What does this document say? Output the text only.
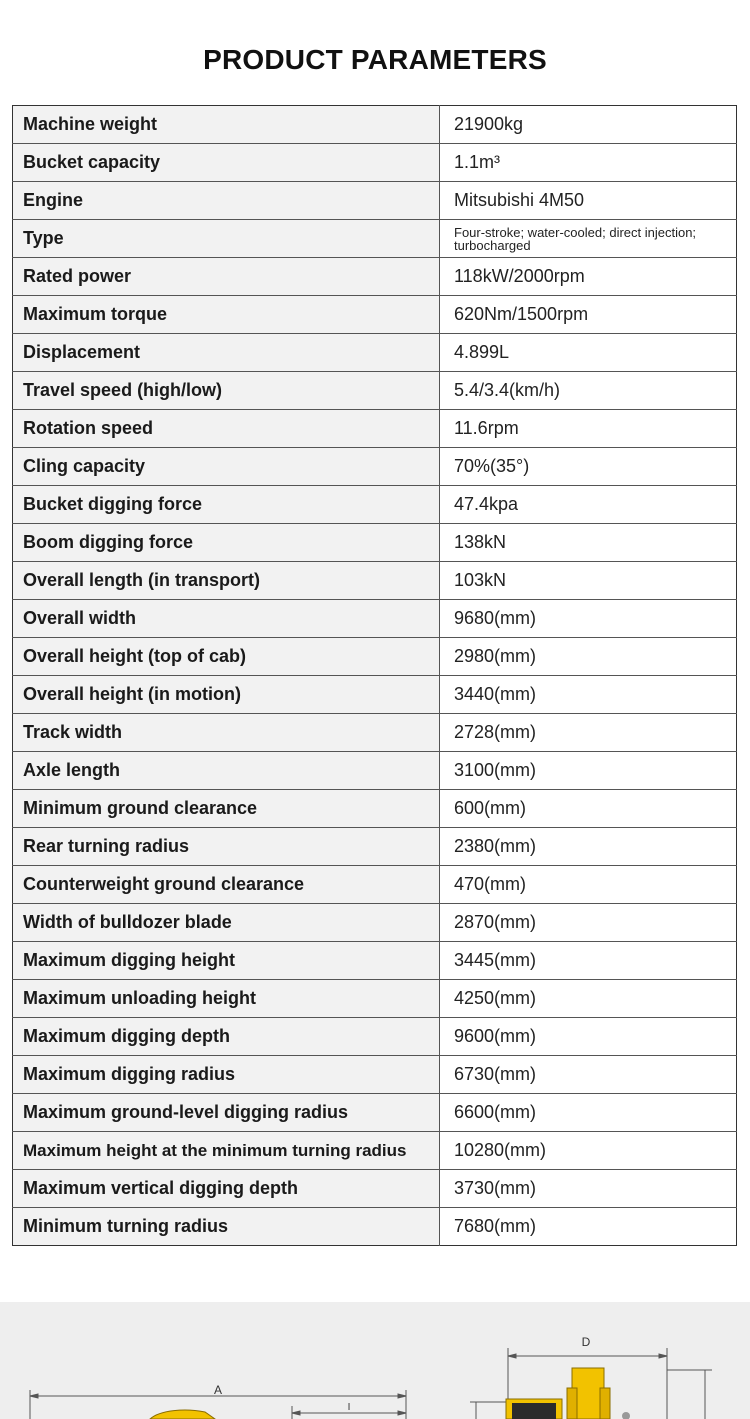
PRODUCT PARAMETERS
Machine weight	21900kg
Bucket capacity	1.1m³
Engine	Mitsubishi 4M50
Type	Four-stroke; water-cooled; direct injection; turbocharged
Rated power	118kW/2000rpm
Maximum torque	620Nm/1500rpm
Displacement	4.899L
Travel speed (high/low)	5.4/3.4(km/h)
Rotation speed	11.6rpm
Cling capacity	70%(35°)
Bucket digging force	47.4kpa
Boom digging force	138kN
Overall length (in transport)	103kN
Overall width	9680(mm)
Overall height (top of cab)	2980(mm)
Overall height (in motion)	3440(mm)
Track width	2728(mm)
Axle length	3100(mm)
Minimum ground clearance	600(mm)
Rear turning radius	2380(mm)
Counterweight ground clearance	470(mm)
Width of bulldozer blade	2870(mm)
Maximum digging height	3445(mm)
Maximum unloading height	4250(mm)
Maximum digging depth	9600(mm)
Maximum digging radius	6730(mm)
Maximum ground-level digging radius	6600(mm)
Maximum height at the minimum turning radius	10280(mm)
Maximum vertical digging depth	3730(mm)
Minimum turning radius	7680(mm)
A
I
D
